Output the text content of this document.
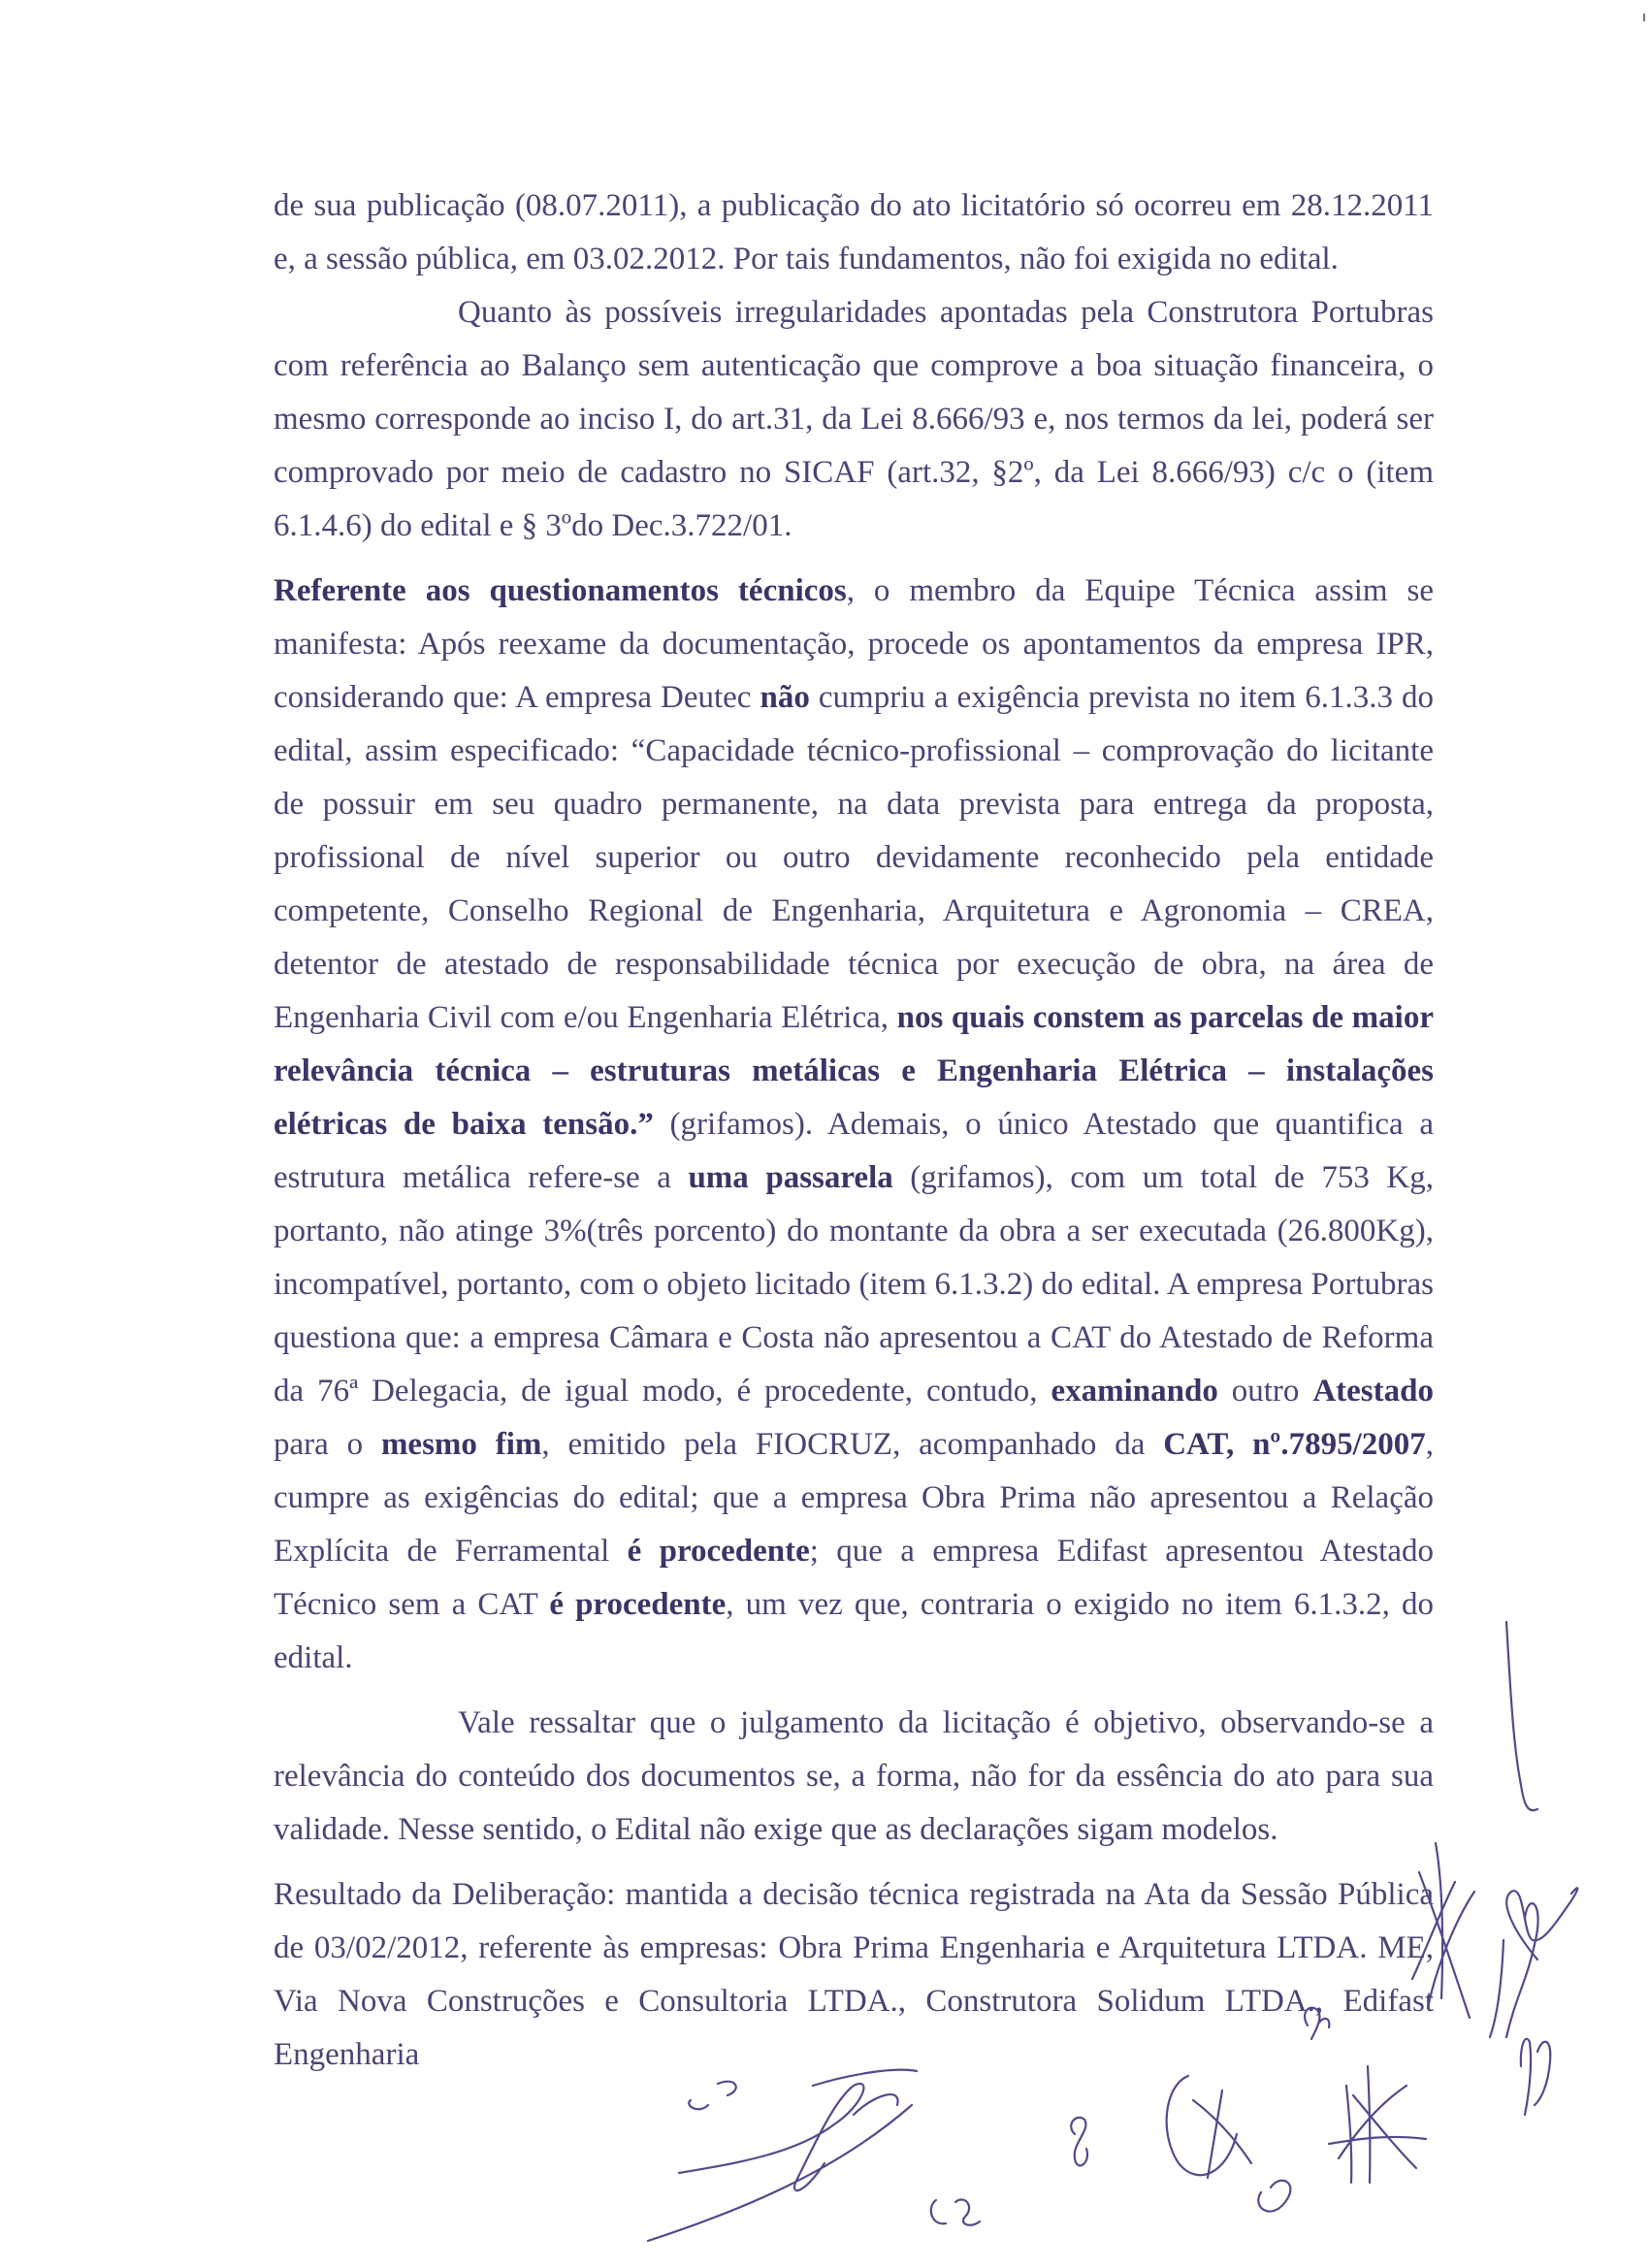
de sua publicação (08.07.2011), a publicação do ato licitatório só ocorreu em 28.12.2011 e, a sessão pública, em 03.02.2012. Por tais fundamentos, não foi exigida no edital.

Quanto às possíveis irregularidades apontadas pela Construtora Portubras com referência ao Balanço sem autenticação que comprove a boa situação financeira, o mesmo corresponde ao inciso I, do art.31, da Lei 8.666/93 e, nos termos da lei, poderá ser comprovado por meio de cadastro no SICAF (art.32, §2º, da Lei 8.666/93) c/c o (item 6.1.4.6) do edital e § 3ºdo Dec.3.722/01.

Referente aos questionamentos técnicos, o membro da Equipe Técnica assim se manifesta: Após reexame da documentação, procede os apontamentos da empresa IPR, considerando que: A empresa Deutec não cumpriu a exigência prevista no item 6.1.3.3 do edital, assim especificado: “Capacidade técnico-profissional – comprovação do licitante de possuir em seu quadro permanente, na data prevista para entrega da proposta, profissional de nível superior ou outro devidamente reconhecido pela entidade competente, Conselho Regional de Engenharia, Arquitetura e Agronomia – CREA, detentor de atestado de responsabilidade técnica por execução de obra, na área de Engenharia Civil com e/ou Engenharia Elétrica, nos quais constem as parcelas de maior relevância técnica – estruturas metálicas e Engenharia Elétrica – instalações elétricas de baixa tensão.” (grifamos). Ademais, o único Atestado que quantifica a estrutura metálica refere-se a uma passarela (grifamos), com um total de 753 Kg, portanto, não atinge 3%(três porcento) do montante da obra a ser executada (26.800Kg), incompatível, portanto, com o objeto licitado (item 6.1.3.2) do edital. A empresa Portubras questiona que: a empresa Câmara e Costa não apresentou a CAT do Atestado de Reforma da 76ª Delegacia, de igual modo, é procedente, contudo, examinando outro Atestado para o mesmo fim, emitido pela FIOCRUZ, acompanhado da CAT, nº.7895/2007, cumpre as exigências do edital; que a empresa Obra Prima não apresentou a Relação Explícita de Ferramental é procedente; que a empresa Edifast apresentou Atestado Técnico sem a CAT é procedente, um vez que, contraria o exigido no item 6.1.3.2, do edital.

Vale ressaltar que o julgamento da licitação é objetivo, observando-se a relevância do conteúdo dos documentos se, a forma, não for da essência do ato para sua validade. Nesse sentido, o Edital não exige que as declarações sigam modelos.

Resultado da Deliberação: mantida a decisão técnica registrada na Ata da Sessão Pública de 03/02/2012, referente às empresas: Obra Prima Engenharia e Arquitetura LTDA. ME, Via Nova Construções e Consultoria LTDA., Construtora Solidum LTDA., Edifast Engenharia
